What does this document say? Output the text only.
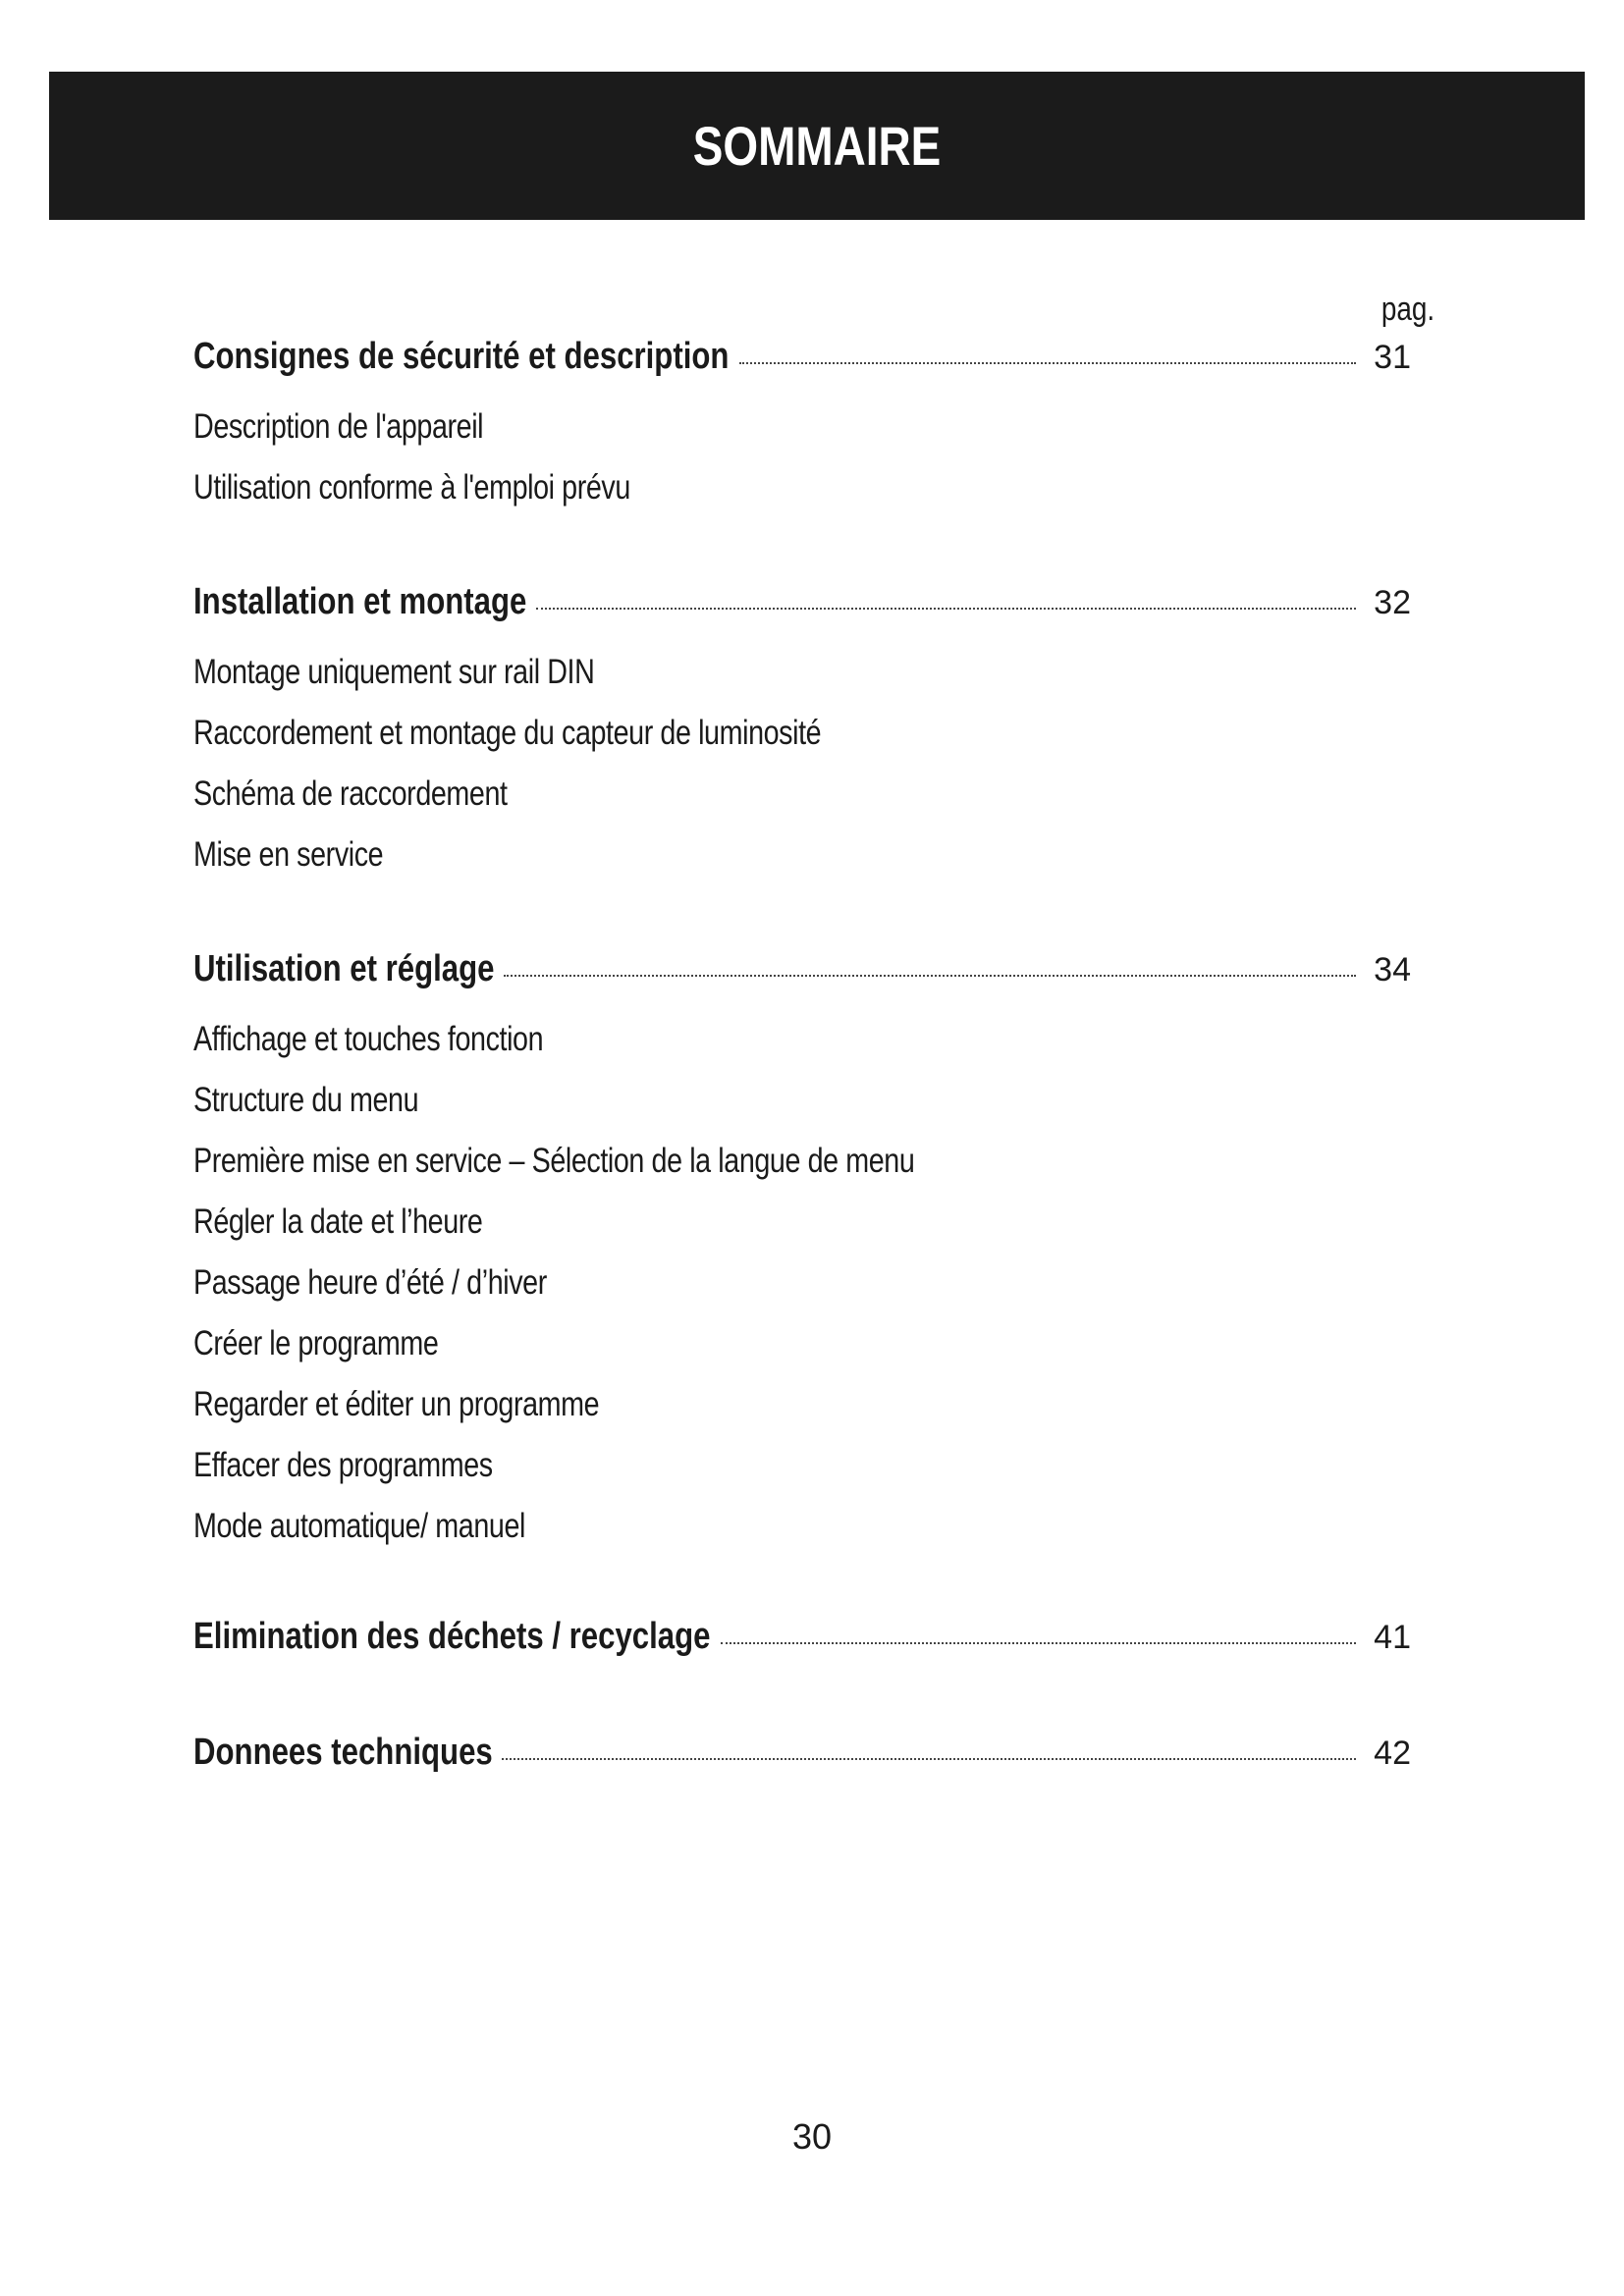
SOMMAIRE
pag.
Consignes de sécurité et description	31
Description de l'appareil
Utilisation conforme à l'emploi prévu
Installation et montage	32
Montage uniquement sur rail DIN
Raccordement et montage du capteur de luminosité
Schéma de raccordement
Mise en service
Utilisation et réglage	34
Affichage et touches fonction
Structure du menu
Première mise en service – Sélection de la langue de menu
Régler la date et l’heure
Passage heure d’été / d’hiver
Créer le programme
Regarder et éditer un programme
Effacer des programmes
Mode automatique/ manuel
Elimination des déchets / recyclage	41
Donnees techniques	42
30
